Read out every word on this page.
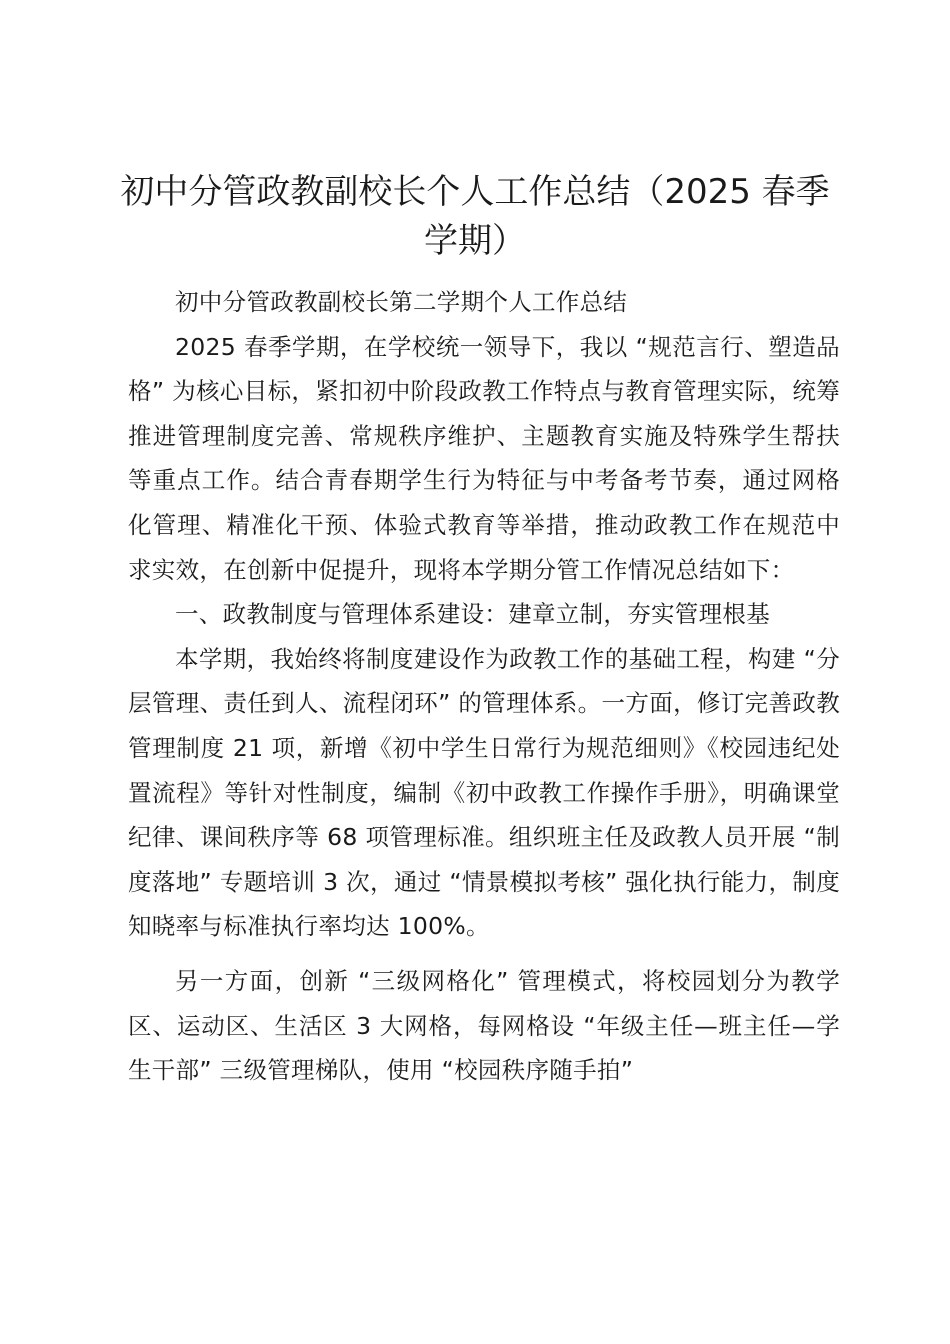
初中分管政教副校长个人工作总结（2025 春季学期）

初中分管政教副校长第二学期个人工作总结

2025 春季学期，在学校统一领导下，我以 “规范言行、塑造品格” 为核心目标，紧扣初中阶段政教工作特点与教育管理实际，统筹推进管理制度完善、常规秩序维护、主题教育实施及特殊学生帮扶等重点工作。结合青春期学生行为特征与中考备考节奏，通过网格化管理、精准化干预、体验式教育等举措，推动政教工作在规范中求实效，在创新中促提升，现将本学期分管工作情况总结如下：

一、政教制度与管理体系建设：建章立制，夯实管理根基

本学期，我始终将制度建设作为政教工作的基础工程，构建 “分层管理、责任到人、流程闭环” 的管理体系。一方面，修订完善政教管理制度 21 项，新增《初中学生日常行为规范细则》《校园违纪处置流程》等针对性制度，编制《初中政教工作操作手册》，明确课堂纪律、课间秩序等 68 项管理标准。组织班主任及政教人员开展 “制度落地” 专题培训 3 次，通过 “情景模拟考核” 强化执行能力，制度知晓率与标准执行率均达 100%。

另一方面，创新 “三级网格化” 管理模式，将校园划分为教学区、运动区、生活区 3 大网格，每网格设 “年级主任—班主任—学生干部” 三级管理梯队，使用 “校园秩序随手拍”
